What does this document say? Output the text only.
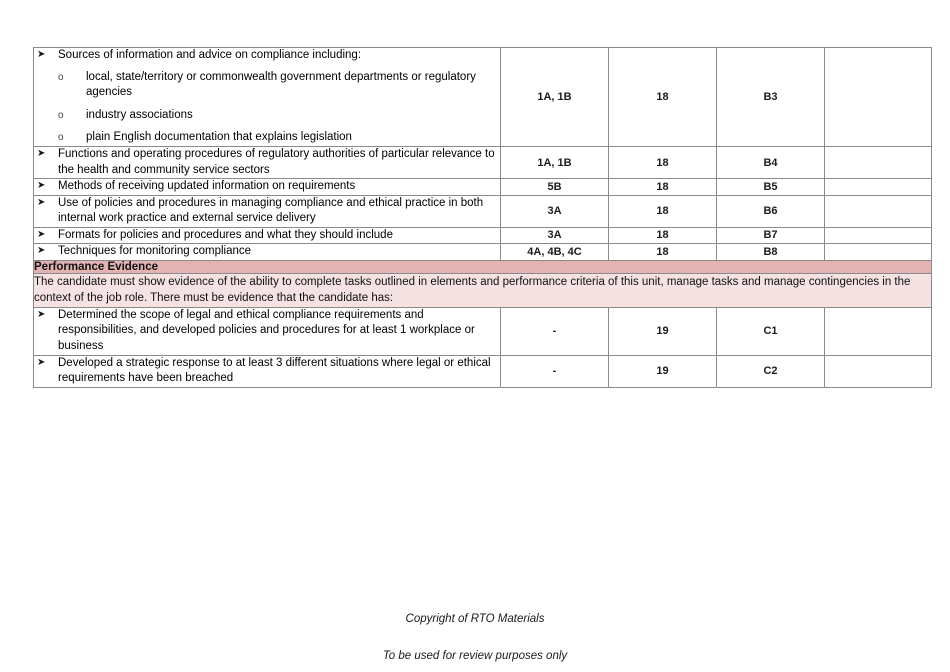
➤	Sources of information and advice on compliance including:
o	local, state/territory or commonwealth government departments or regulatory agencies
o	industry associations
o	plain English documentation that explains legislation
	1A, 1B	18	B3	

➤ Functions and operating procedures of regulatory authorities of particular relevance to the health and community service sectors	1A, 1B	18	B4	

➤ Methods of receiving updated information on requirements	5B	18	B5	

➤ Use of policies and procedures in managing compliance and ethical practice in both internal work practice and external service delivery	3A	18	B6	

➤ Formats for policies and procedures and what they should include	3A	18	B7	

➤ Techniques for monitoring compliance	4A, 4B, 4C	18	B8	
Performance Evidence				
The candidate must show evidence of the ability to complete tasks outlined in elements and performance criteria of this unit, manage tasks and manage contingencies in the context of the job role. There must be evidence that the candidate has:				

➤ Determined the scope of legal and ethical compliance requirements and responsibilities, and developed policies and procedures for at least 1 workplace or business	-	19	C1	

➤ Developed a strategic response to at least 3 different situations where legal or ethical requirements have been breached	-	19	C2	
Copyright of RTO Materials
To be used for review purposes only
